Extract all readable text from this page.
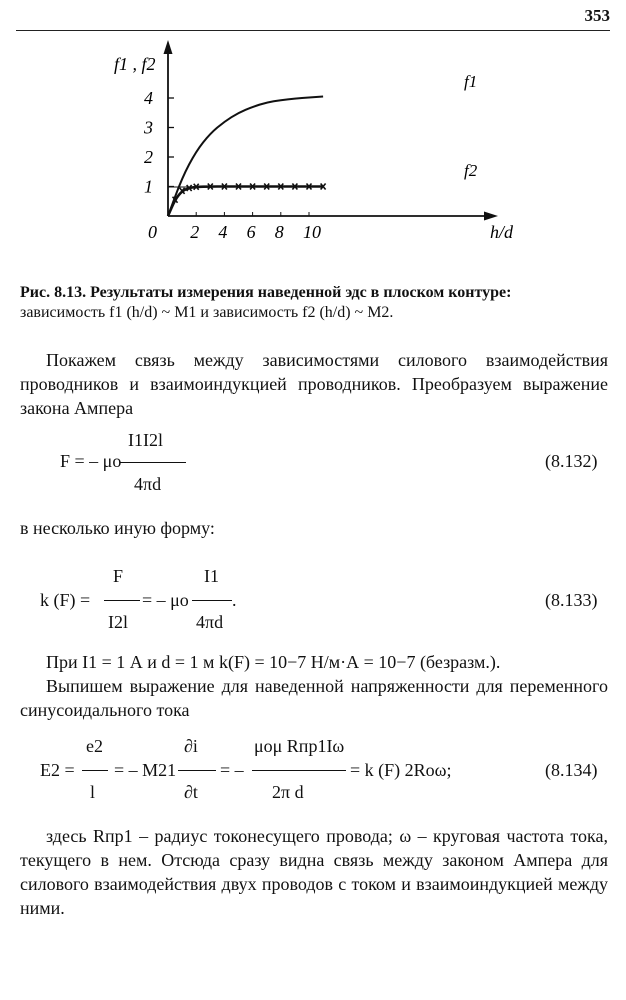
353
0 2 4 6 8 10
1
2
3
4
f1 , f2
h/d
f1
f2
Рис. 8.13. Результаты измерения наведенной эдс в плоском контуре:
зависимость f1 (h/d) ~ M1 и зависимость f2 (h/d) ~ M2.
Покажем связь между зависимостями силового взаимодействия проводников и взаимоиндукцией проводников. Преобразуем выражение закона Ампера
I1I2l
F = – μo
4πd
(8.132)
в несколько иную форму:
k (F) =
F
I2l
= – μo
I1
.
4πd
(8.133)
При I1 = 1 А и d = 1 м k(F) = 10−7 Н/м·А = 10−7 (безразм.).
Выпишем выражение для наведенной напряженности для переменного синусоидального тока
E2 =
e2
l
= – M21
∂i
∂t
= –
μoμ Rпр1Iω
2π d
= k (F) 2Roω;	(8.134)
здесь Rпр1 – радиус токонесущего провода; ω – круговая частота тока, текущего в нем. Отсюда сразу видна связь между законом Ампера для силового взаимодействия двух проводов с током и взаимоиндукцией между ними.
